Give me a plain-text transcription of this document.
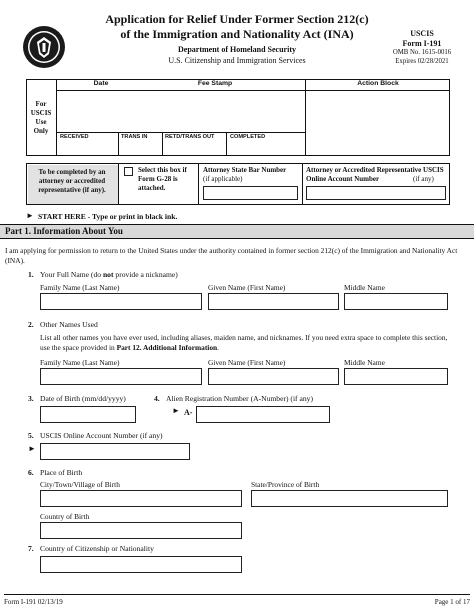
Application for Relief Under Former Section 212(c)
of the Immigration and Nationality Act (INA)
Department of Homeland Security
U.S. Citizenship and Immigration Services
USCIS
Form I-191
OMB No. 1615-0016
Expires 02/28/2021
For USCIS Use Only
Date	Fee Stamp	Action Block
RECEIVED	TRANS IN	RETD/TRANS OUT	COMPLETED
To be completed by an attorney or accredited representative (if any).
Select this box if Form G-28 is attached.
Attorney State Bar Number
(if applicable)
Attorney or Accredited Representative USCIS Online Account Number	(if any)
► START HERE - Type or print in black ink.
Part 1. Information About You
I am applying for permission to return to the United States under the authority contained in former section 212(c) of the Immigration and Nationality Act (INA).
1. Your Full Name (do not provide a nickname)
Family Name (Last Name)	Given Name (First Name)	Middle Name
2. Other Names Used
List all other names you have ever used, including aliases, maiden name, and nicknames. If you need extra space to complete this section, use the space provided in Part 12. Additional Information.
Family Name (Last Name)	Given Name (First Name)	Middle Name
3. Date of Birth (mm/dd/yyyy)	4. Alien Registration Number (A-Number) (if any)
► A-
5. USCIS Online Account Number (if any)
►
6. Place of Birth
City/Town/Village of Birth	State/Province of Birth
Country of Birth
7. Country of Citizenship or Nationality
Form I-191 02/13/19	Page 1 of 17
